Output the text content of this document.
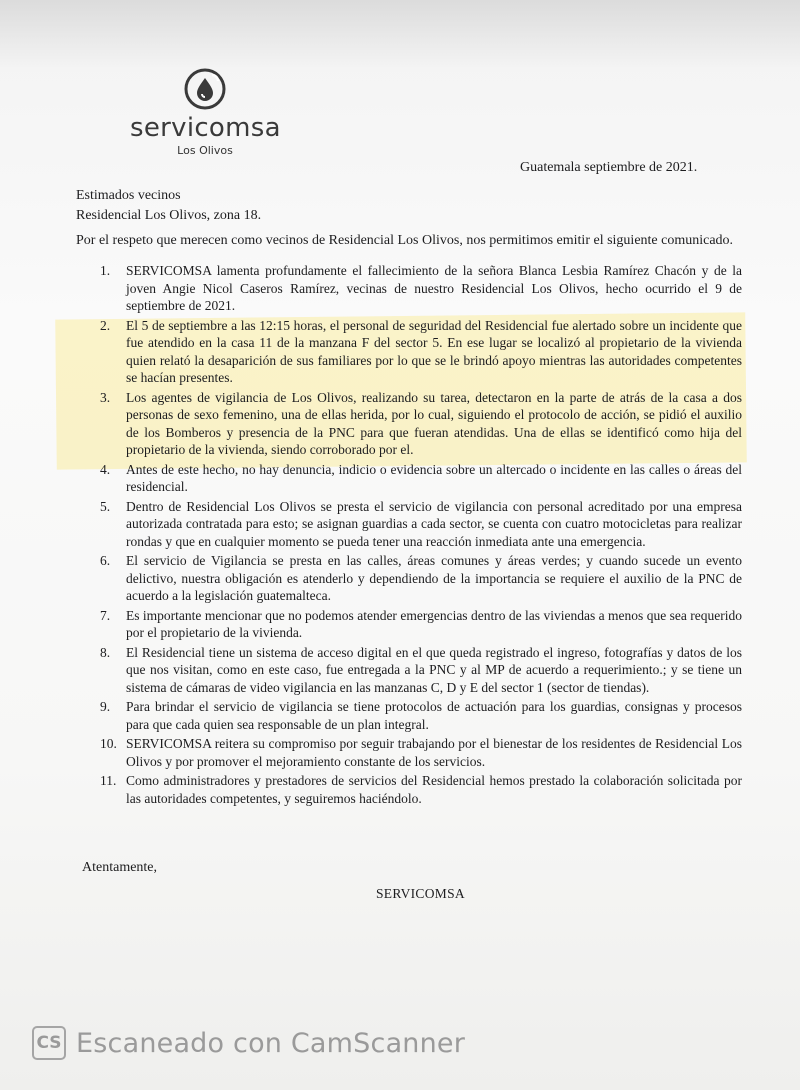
servicomsa
Los Olivos
Guatemala septiembre de 2021.
Estimados vecinos
Residencial Los Olivos, zona 18.
Por el respeto que merecen como vecinos de Residencial Los Olivos, nos permitimos emitir el siguiente comunicado.
1. SERVICOMSA lamenta profundamente el fallecimiento de la señora Blanca Lesbia Ramírez Chacón y de la joven Angie Nicol Caseros Ramírez, vecinas de nuestro Residencial Los Olivos, hecho ocurrido el 9 de septiembre de 2021.
2. El 5 de septiembre a las 12:15 horas, el personal de seguridad del Residencial fue alertado sobre un incidente que fue atendido en la casa 11 de la manzana F del sector 5. En ese lugar se localizó al propietario de la vivienda quien relató la desaparición de sus familiares por lo que se le brindó apoyo mientras las autoridades competentes se hacían presentes.
3. Los agentes de vigilancia de Los Olivos, realizando su tarea, detectaron en la parte de atrás de la casa a dos personas de sexo femenino, una de ellas herida, por lo cual, siguiendo el protocolo de acción, se pidió el auxilio de los Bomberos y presencia de la PNC para que fueran atendidas. Una de ellas se identificó como hija del propietario de la vivienda, siendo corroborado por el.
4. Antes de este hecho, no hay denuncia, indicio o evidencia sobre un altercado o incidente en las calles o áreas del residencial.
5. Dentro de Residencial Los Olivos se presta el servicio de vigilancia con personal acreditado por una empresa autorizada contratada para esto; se asignan guardias a cada sector, se cuenta con cuatro motocicletas para realizar rondas y que en cualquier momento se pueda tener una reacción inmediata ante una emergencia.
6. El servicio de Vigilancia se presta en las calles, áreas comunes y áreas verdes; y cuando sucede un evento delictivo, nuestra obligación es atenderlo y dependiendo de la importancia se requiere el auxilio de la PNC de acuerdo a la legislación guatemalteca.
7. Es importante mencionar que no podemos atender emergencias dentro de las viviendas a menos que sea requerido por el propietario de la vivienda.
8. El Residencial tiene un sistema de acceso digital en el que queda registrado el ingreso, fotografías y datos de los que nos visitan, como en este caso, fue entregada a la PNC y al MP de acuerdo a requerimiento.; y se tiene un sistema de cámaras de video vigilancia en las manzanas C, D y E del sector 1 (sector de tiendas).
9. Para brindar el servicio de vigilancia se tiene protocolos de actuación para los guardias, consignas y procesos para que cada quien sea responsable de un plan integral.
10. SERVICOMSA reitera su compromiso por seguir trabajando por el bienestar de los residentes de Residencial Los Olivos y por promover el mejoramiento constante de los servicios.
11. Como administradores y prestadores de servicios del Residencial hemos prestado la colaboración solicitada por las autoridades competentes, y seguiremos haciéndolo.
Atentamente,
SERVICOMSA
CS Escaneado con CamScanner
